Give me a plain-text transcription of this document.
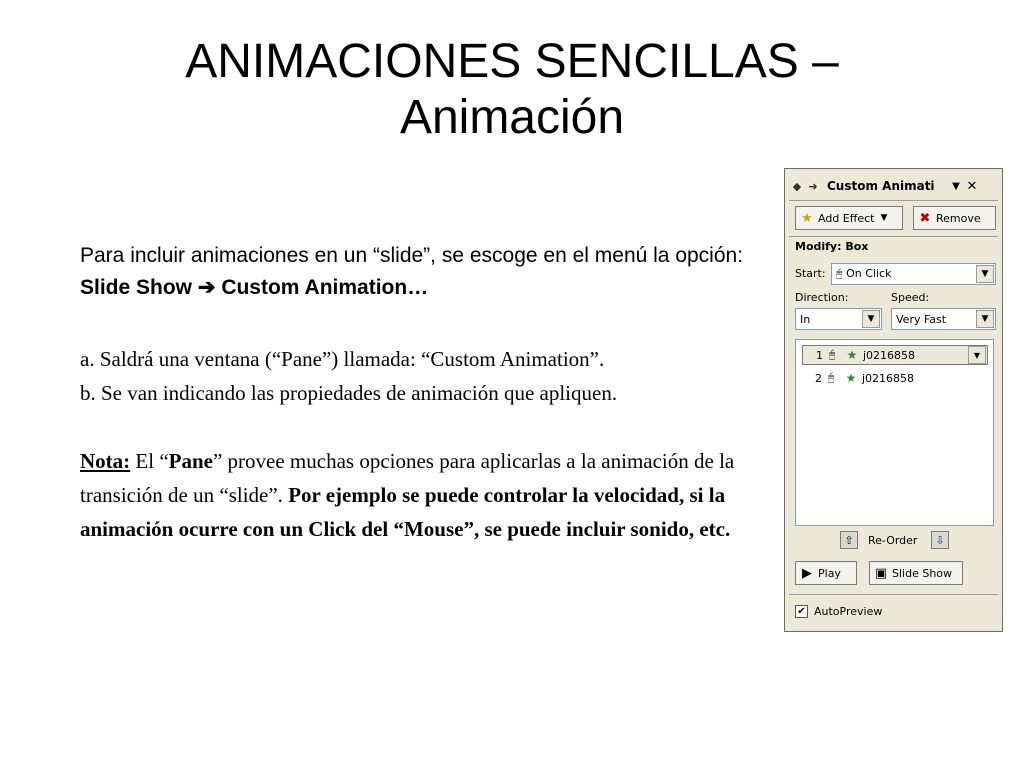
ANIMACIONES SENCILLAS –
Animación
Para incluir animaciones en un “slide”, se escoge en el menú la opción: Slide Show ➔ Custom Animation…

a. Saldrá una ventana (“Pane”) llamada: “Custom Animation”.

b. Se van indicando las propiedades de animación que apliquen.

Nota: El “Pane” provee muchas opciones para aplicarlas a la animación de la transición de un “slide”. Por ejemplo se puede controlar la velocidad, si la animación ocurre con un Click del “Mouse”, se puede incluir sonido, etc.

◆ ➜ Custom Animati	▼ ✕
★ Add Effect ▼	✖ Remove
Modify: Box
Start: 🖰 On Click	▼
Direction:	Speed:
In	▼	Very Fast	▼
1 🖰 ★ j0216858	▼
2 🖰 ★ j0216858
⇧ Re-Order ⇩
▶ Play	▣ Slide Show
✔ AutoPreview
